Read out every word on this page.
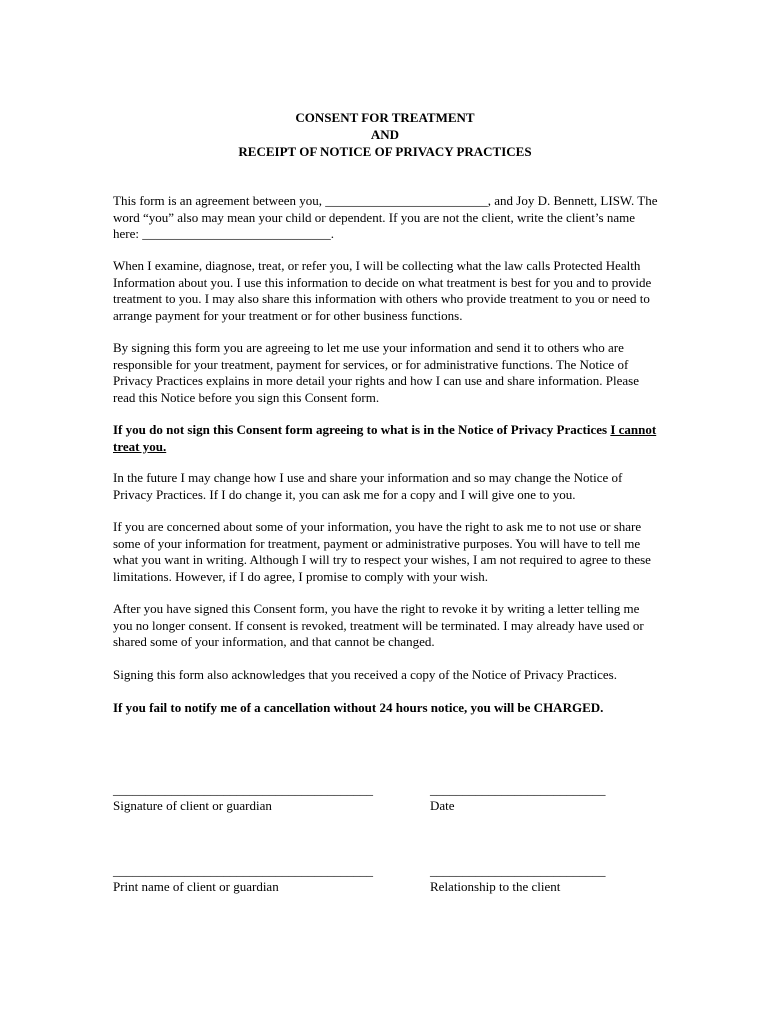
CONSENT FOR TREATMENT
AND
RECEIPT OF NOTICE OF PRIVACY PRACTICES

This form is an agreement between you, _________________________, and Joy D. Bennett, LISW. The word “you” also may mean your child or dependent. If you are not the client, write the client’s name here: _____________________________.

When I examine, diagnose, treat, or refer you, I will be collecting what the law calls Protected Health Information about you. I use this information to decide on what treatment is best for you and to provide treatment to you. I may also share this information with others who provide treatment to you or need to arrange payment for your treatment or for other business functions.

By signing this form you are agreeing to let me use your information and send it to others who are responsible for your treatment, payment for services, or for administrative functions. The Notice of Privacy Practices explains in more detail your rights and how I can use and share information. Please read this Notice before you sign this Consent form.

If you do not sign this Consent form agreeing to what is in the Notice of Privacy Practices I cannot treat you.

In the future I may change how I use and share your information and so may change the Notice of Privacy Practices. If I do change it, you can ask me for a copy and I will give one to you.

If you are concerned about some of your information, you have the right to ask me to not use or share some of your information for treatment, payment or administrative purposes. You will have to tell me what you want in writing. Although I will try to respect your wishes, I am not required to agree to these limitations. However, if I do agree, I promise to comply with your wish.

After you have signed this Consent form, you have the right to revoke it by writing a letter telling me you no longer consent. If consent is revoked, treatment will be terminated. I may already have used or shared some of your information, and that cannot be changed.

Signing this form also acknowledges that you received a copy of the Notice of Privacy Practices.

If you fail to notify me of a cancellation without 24 hours notice, you will be CHARGED.

________________________________________	___________________________
Signature of client or guardian	Date
________________________________________	___________________________
Print name of client or guardian	Relationship to the client
